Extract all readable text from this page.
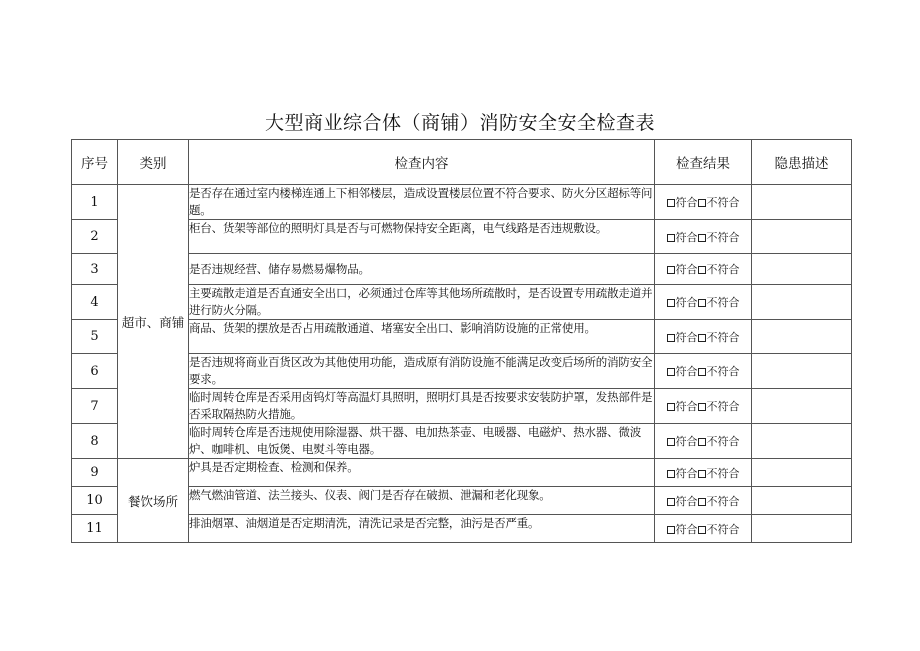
大型商业综合体（商铺）消防安全安全检查表
序号	类别	检查内容	检查结果	隐患描述
1	超市、商铺	是否存在通过室内楼梯连通上下相邻楼层，造成设置楼层位置不符合要求、防火分区超标等问题。	符合 不符合	
2		柜台、货架等部位的照明灯具是否与可燃物保持安全距离，电气线路是否违规敷设。	符合 不符合	
3		是否违规经营、储存易燃易爆物品。	符合 不符合	
4		主要疏散走道是否直通安全出口，必须通过仓库等其他场所疏散时，是否设置专用疏散走道并进行防火分隔。	符合 不符合	
5		商品、货架的摆放是否占用疏散通道、堵塞安全出口、影响消防设施的正常使用。	符合 不符合	
6		是否违规将商业百货区改为其他使用功能，造成原有消防设施不能满足改变后场所的消防安全要求。	符合 不符合	
7		临时周转仓库是否采用卤钨灯等高温灯具照明，照明灯具是否按要求安装防护罩，发热部件是否采取隔热防火措施。	符合 不符合	
8		临时周转仓库是否违规使用除湿器、烘干器、电加热茶壶、电暖器、电磁炉、热水器、微波炉、咖啡机、电饭煲、电熨斗等电器。	符合 不符合	
9	餐饮场所	炉具是否定期检查、检测和保养。	符合 不符合	
10		燃气燃油管道、法兰接头、仪表、阀门是否存在破损、泄漏和老化现象。	符合 不符合	
11		排油烟罩、油烟道是否定期清洗，清洗记录是否完整，油污是否严重。	符合 不符合	
